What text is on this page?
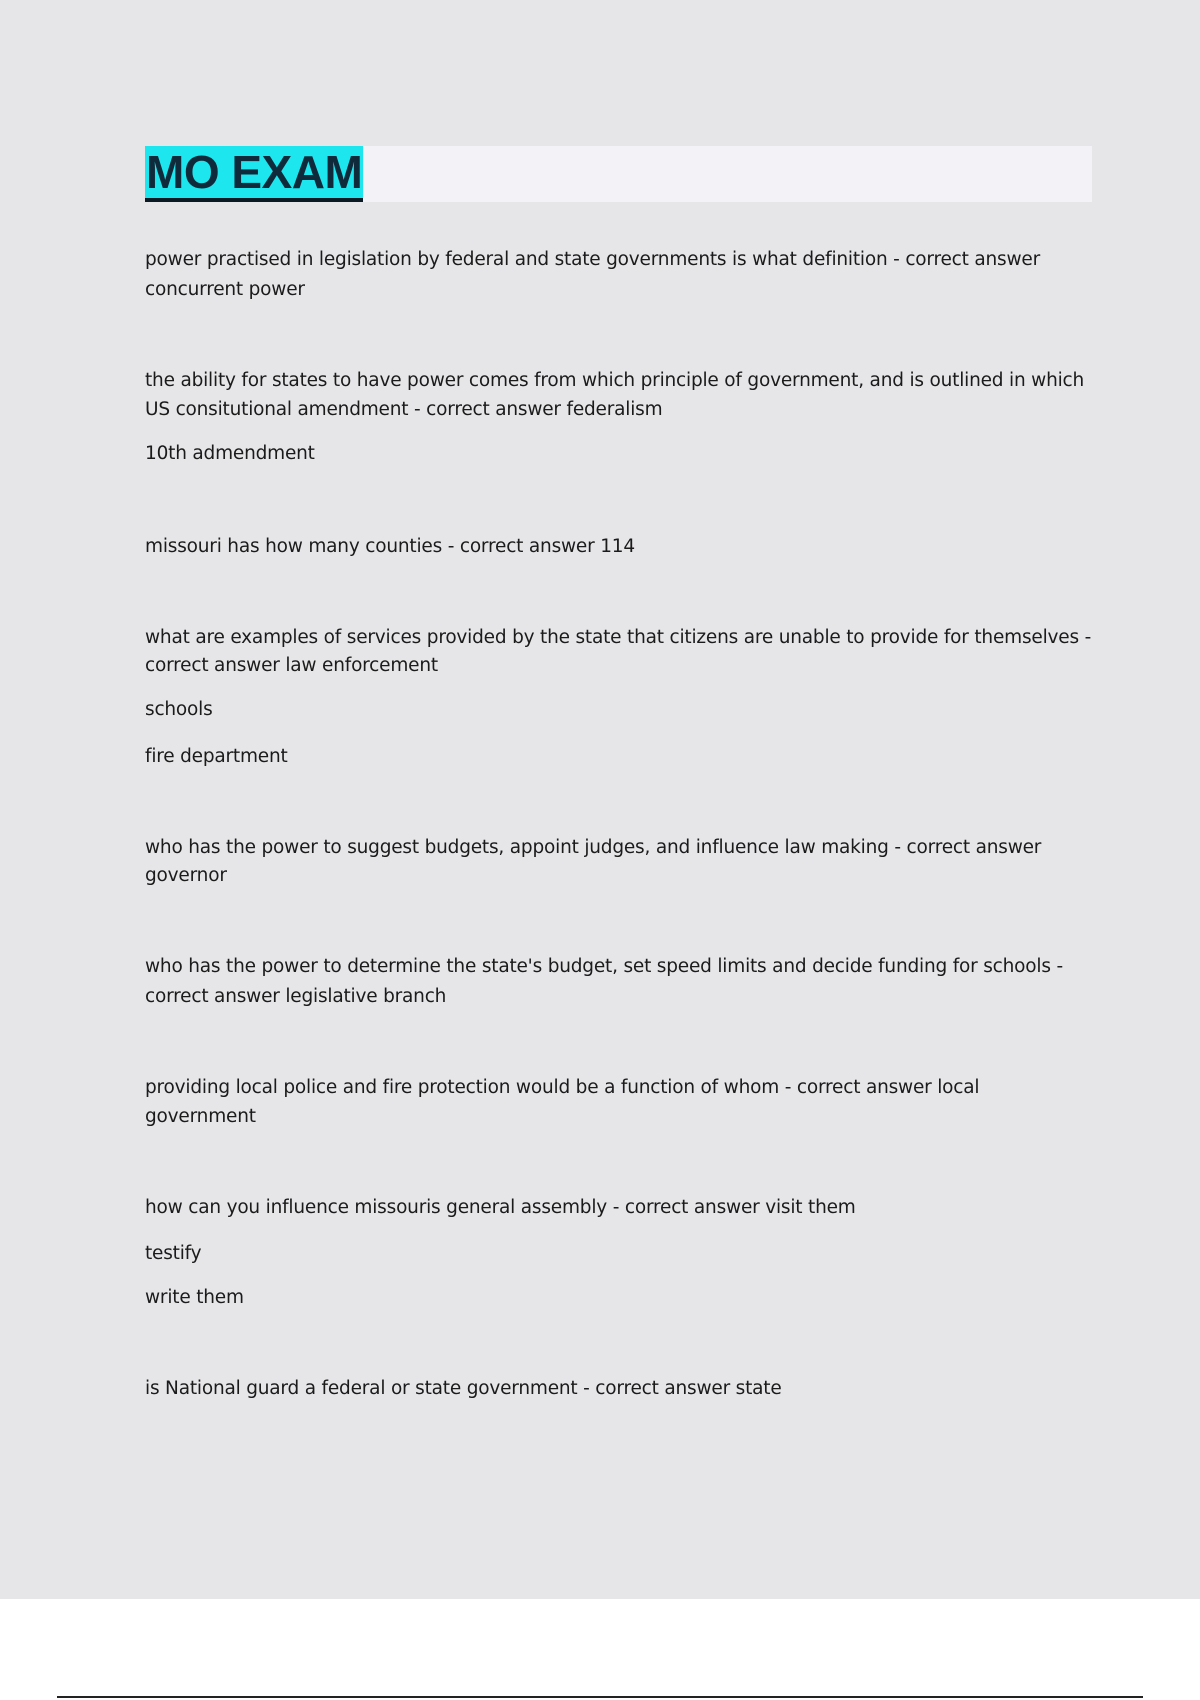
MO EXAM
power practised in legislation by federal and state governments is what definition - correct answer
concurrent power
the ability for states to have power comes from which principle of government, and is outlined in which
US consitutional amendment - correct answer federalism
10th admendment
missouri has how many counties - correct answer 114
what are examples of services provided by the state that citizens are unable to provide for themselves -
correct answer law enforcement
schools
fire department
who has the power to suggest budgets, appoint judges, and influence law making - correct answer
governor
who has the power to determine the state's budget, set speed limits and decide funding for schools -
correct answer legislative branch
providing local police and fire protection would be a function of whom - correct answer local
government
how can you influence missouris general assembly - correct answer visit them
testify
write them
is National guard a federal or state government - correct answer state
